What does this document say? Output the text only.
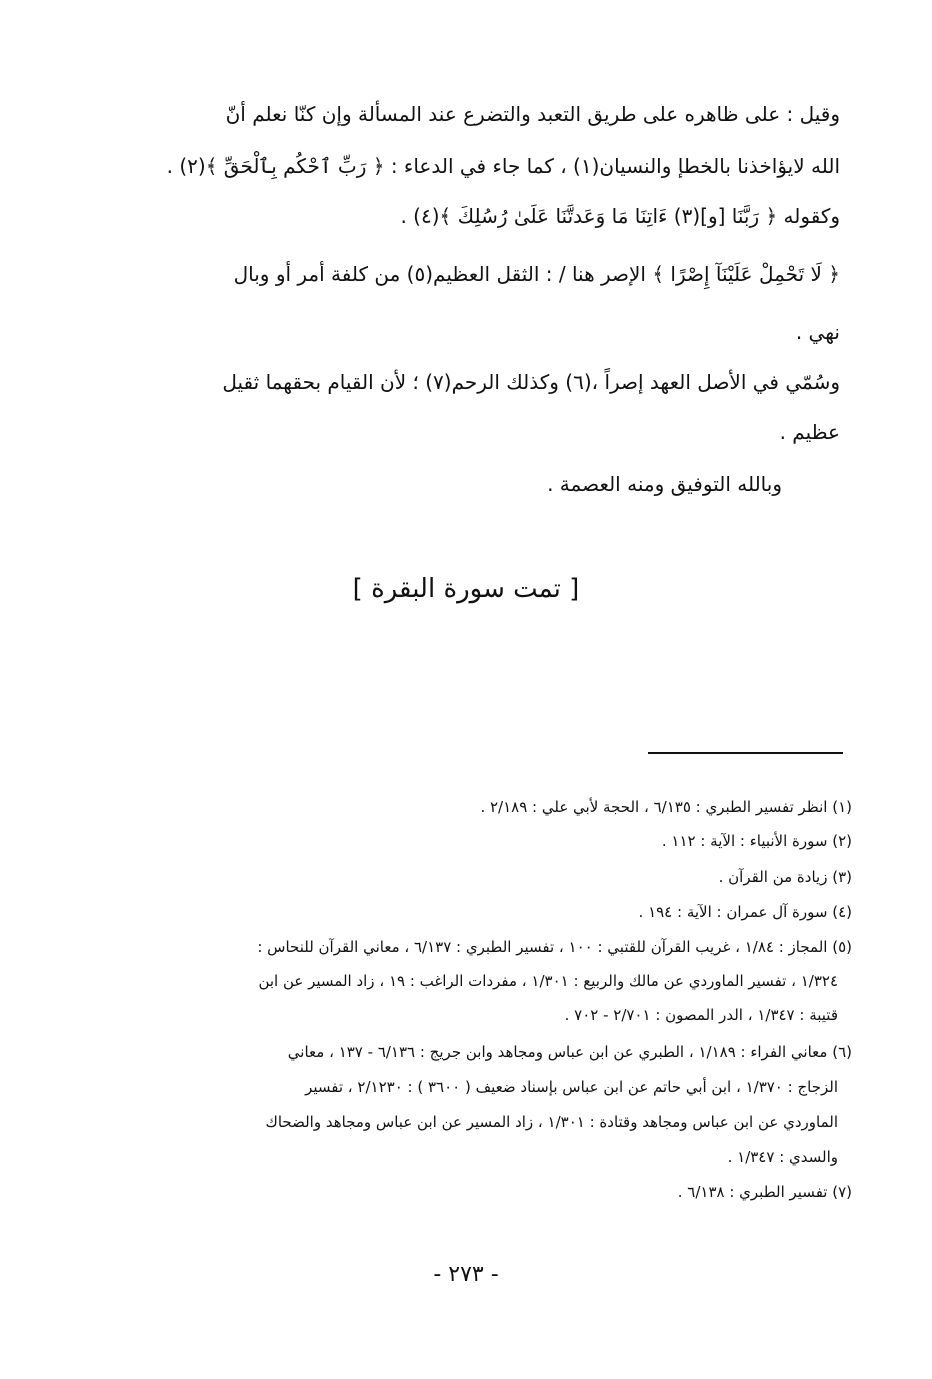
وقيل : على ظاهره على طريق التعبد والتضرع عند المسألة وإن كنّا نعلم أنّ
الله لايؤاخذنا بالخطإ والنسيان(١) ، كما جاء في الدعاء : ﴿ رَبِّ ٱحْكُم بِٱلْحَقِّ ﴾(٢) .
وكقوله ﴿ رَبَّنَا [و](٣) ءَاتِنَا مَا وَعَدتَّنَا عَلَىٰ رُسُلِكَ ﴾(٤) .
﴿ لَا تَحْمِلْ عَلَيْنَآ إِصْرًا ﴾ الإصر هنا / : الثقل العظيم(٥) من كلفة أمر أو وبال
نهي .
وسُمّي في الأصل العهد إصراً ،(٦) وكذلك الرحم(٧) ؛ لأن القيام بحقهما ثقيل
عظيم .
وبالله التوفيق ومنه العصمة .
[ تمت سورة البقرة ]
(١) انظر تفسير الطبري : ٦/١٣٥ ، الحجة لأبي علي : ٢/١٨٩ .
(٢) سورة الأنبياء : الآية : ١١٢ .
(٣) زيادة من القرآن .
(٤) سورة آل عمران : الآية : ١٩٤ .
(٥) المجاز : ١/٨٤ ، غريب القرآن للقتبي : ١٠٠ ، تفسير الطبري : ٦/١٣٧ ، معاني القرآن للنحاس :
١/٣٢٤ ، تفسير الماوردي عن مالك والربيع : ١/٣٠١ ، مفردات الراغب : ١٩ ، زاد المسير عن ابن
قتيبة : ١/٣٤٧ ، الدر المصون : ٢/٧٠١ - ٧٠٢ .
(٦) معاني الفراء : ١/١٨٩ ، الطبري عن ابن عباس ومجاهد وابن جريج : ٦/١٣٦ - ١٣٧ ، معاني
الزجاج : ١/٣٧٠ ، ابن أبي حاتم عن ابن عباس بإسناد ضعيف ( ٣٦٠٠ ) : ٢/١٢٣٠ ، تفسير
الماوردي عن ابن عباس ومجاهد وقتادة : ١/٣٠١ ، زاد المسير عن ابن عباس ومجاهد والضحاك
والسدي : ١/٣٤٧ .
(٧) تفسير الطبري : ٦/١٣٨ .
- ٢٧٣ -
